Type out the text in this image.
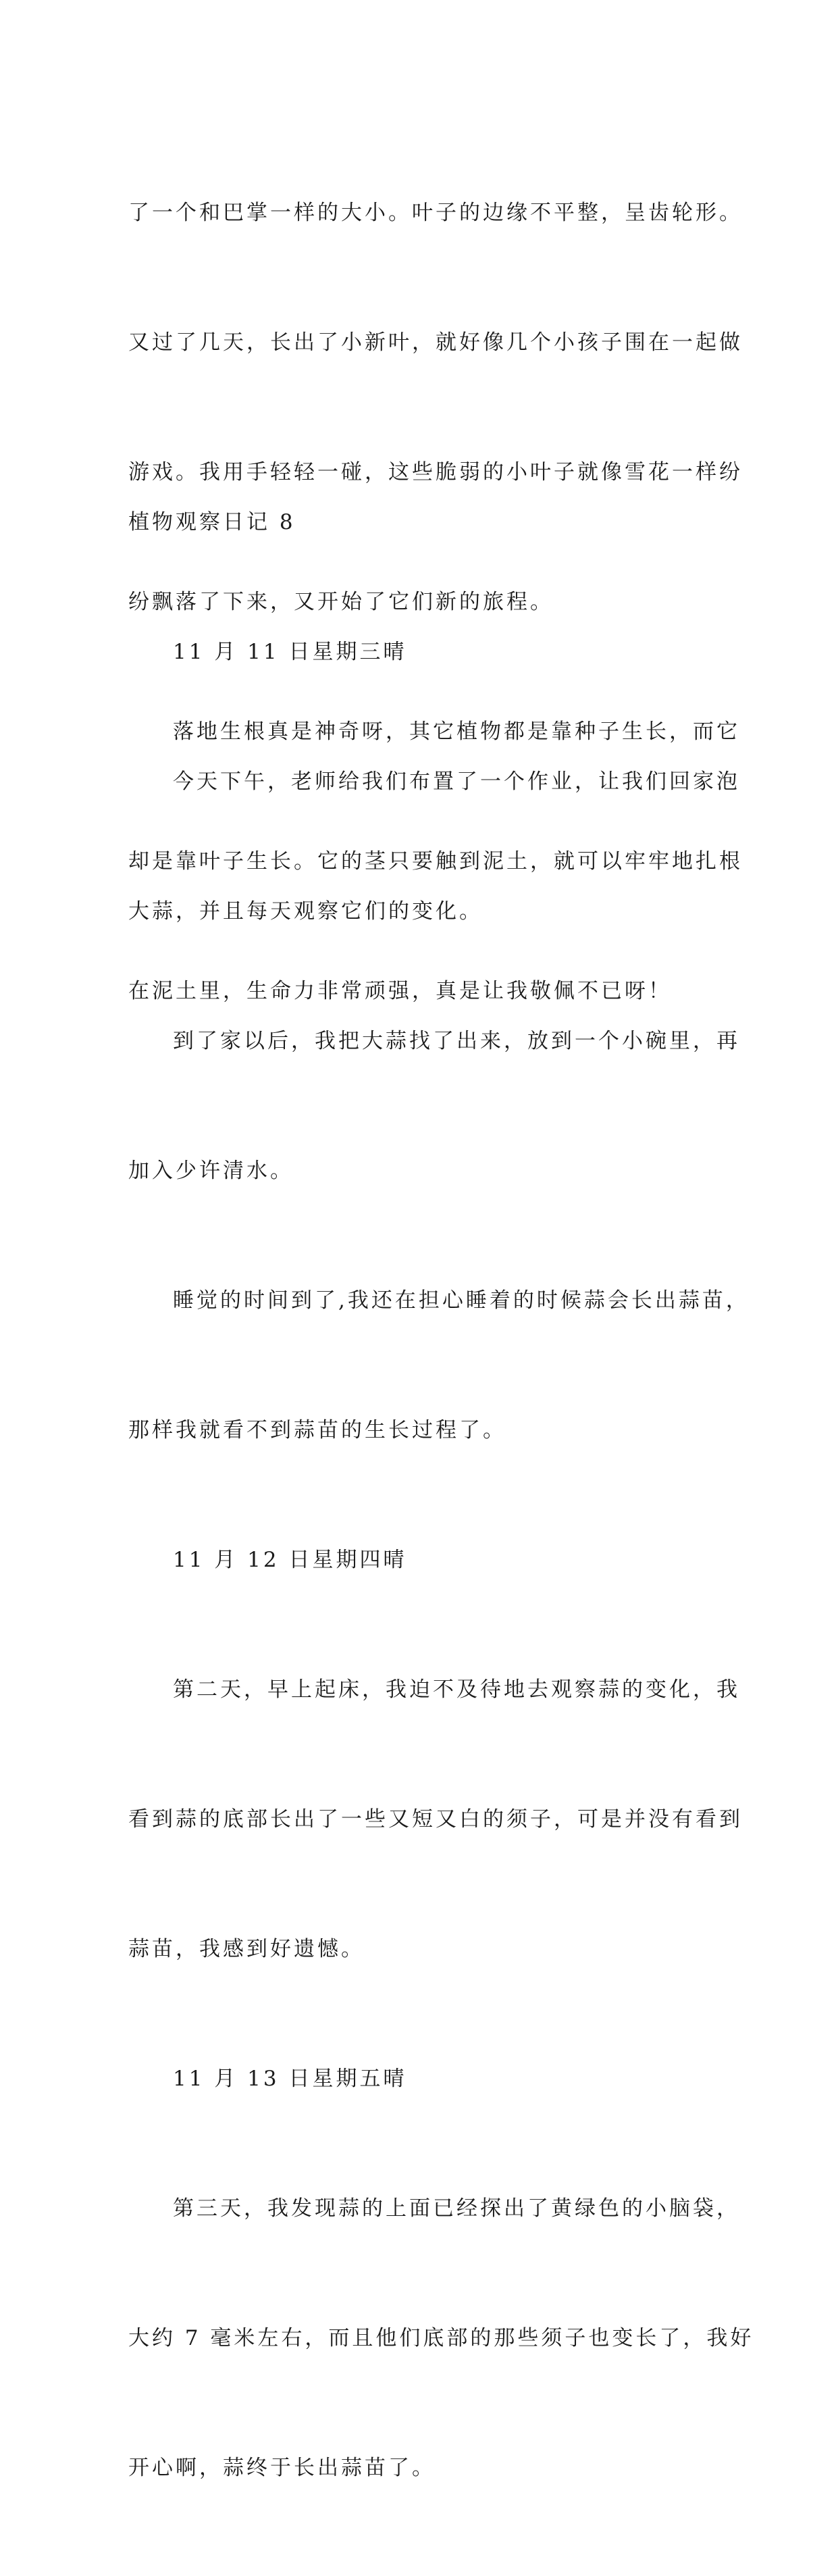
了一个和巴掌一样的大小。叶子的边缘不平整，呈齿轮形。

又过了几天，长出了小新叶，就好像几个小孩子围在一起做

游戏。我用手轻轻一碰，这些脆弱的小叶子就像雪花一样纷

纷飘落了下来，又开始了它们新的旅程。

落地生根真是神奇呀，其它植物都是靠种子生长，而它

却是靠叶子生长。它的茎只要触到泥土，就可以牢牢地扎根

在泥土里，生命力非常顽强，真是让我敬佩不已呀！

植物观察日记 8

11 月 11 日星期三晴

今天下午，老师给我们布置了一个作业，让我们回家泡

大蒜，并且每天观察它们的变化。

到了家以后，我把大蒜找了出来，放到一个小碗里，再

加入少许清水。

睡觉的时间到了,我还在担心睡着的时候蒜会长出蒜苗，

那样我就看不到蒜苗的生长过程了。

11 月 12 日星期四晴

第二天，早上起床，我迫不及待地去观察蒜的变化，我

看到蒜的底部长出了一些又短又白的须子，可是并没有看到

蒜苗，我感到好遗憾。

11 月 13 日星期五晴

第三天，我发现蒜的上面已经探出了黄绿色的小脑袋，

大约 7 毫米左右，而且他们底部的那些须子也变长了，我好

开心啊，蒜终于长出蒜苗了。
